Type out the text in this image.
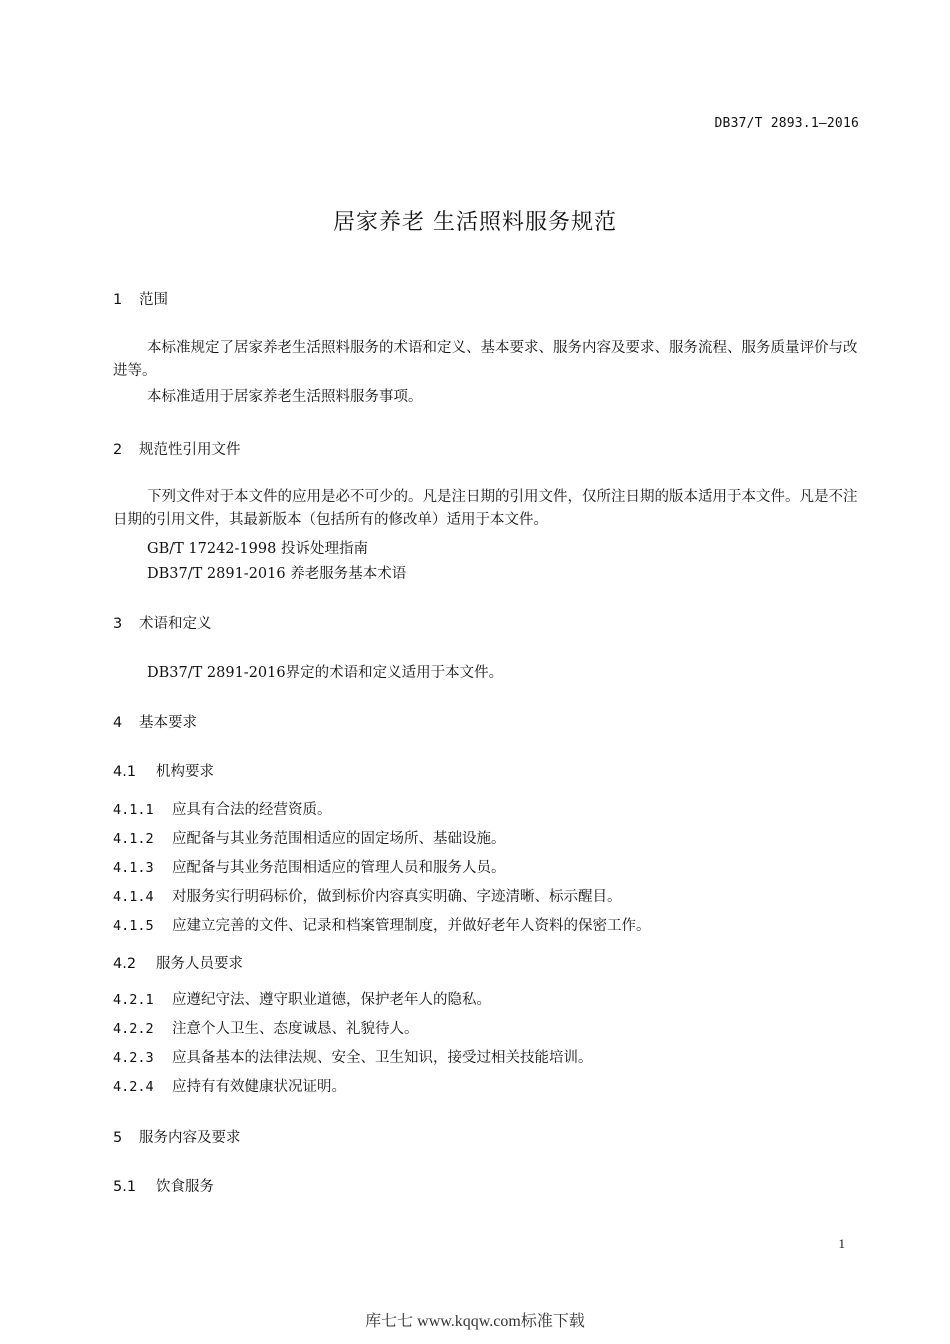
DB37/T 2893.1—2016
居家养老 生活照料服务规范
1	范围
本标准规定了居家养老生活照料服务的术语和定义、基本要求、服务内容及要求、服务流程、服务质量评价与改进等。
本标准适用于居家养老生活照料服务事项。
2	规范性引用文件
下列文件对于本文件的应用是必不可少的。凡是注日期的引用文件，仅所注日期的版本适用于本文件。凡是不注日期的引用文件，其最新版本（包括所有的修改单）适用于本文件。
GB/T 17242-1998 投诉处理指南
DB37/T 2891-2016 养老服务基本术语
3	术语和定义
DB37/T 2891-2016界定的术语和定义适用于本文件。
4	基本要求
4.1	机构要求
4.1.1	应具有合法的经营资质。
4.1.2	应配备与其业务范围相适应的固定场所、基础设施。
4.1.3	应配备与其业务范围相适应的管理人员和服务人员。
4.1.4	对服务实行明码标价，做到标价内容真实明确、字迹清晰、标示醒目。
4.1.5	应建立完善的文件、记录和档案管理制度，并做好老年人资料的保密工作。
4.2	服务人员要求
4.2.1	应遵纪守法、遵守职业道德，保护老年人的隐私。
4.2.2	注意个人卫生、态度诚恳、礼貌待人。
4.2.3	应具备基本的法律法规、安全、卫生知识，接受过相关技能培训。
4.2.4	应持有有效健康状况证明。
5	服务内容及要求
5.1	饮食服务
1
库七七 www.kqqw.com标准下载
